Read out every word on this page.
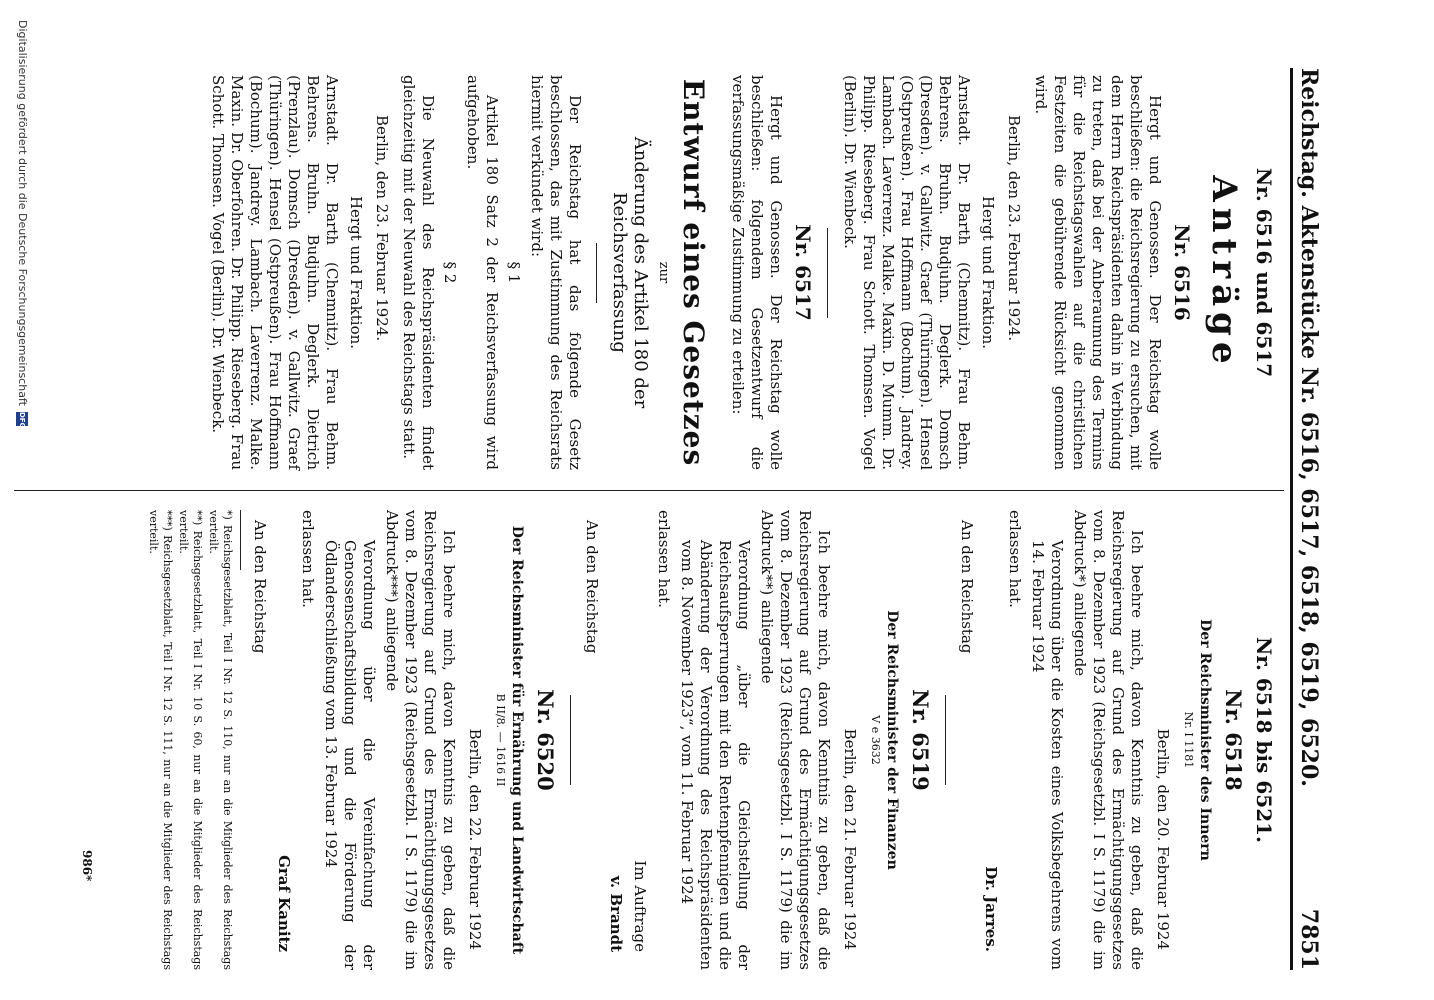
Reichstag. Aktenstücke Nr. 6516, 6517, 6518, 6519, 6520.
7851
Nr. 6516 und 6517
Anträge
Nr. 6516
Hergt und Genossen. Der Reichstag wolle beschließen: die Reichsregierung zu ersuchen, mit dem Herrn Reichspräsidenten dahin in Verbindung zu treten, daß bei der Anberaumung des Termins für die Reichstagswahlen auf die christlichen Festzeiten die gebührende Rücksicht genommen wird.
Berlin, den 23. Februar 1924.
Hergt und Fraktion.
Arnstadt. Dr. Barth (Chemnitz). Frau Behm. Behrens. Bruhn. Budjuhn. Deglerk. Domsch (Dresden). v. Gallwitz. Graef (Thüringen). Hensel (Ostpreußen). Frau Hoffmann (Bochum). Jandrey. Lambach. Laverrenz. Malke. Maxin. D. Mumm. Dr. Philipp. Rieseberg. Frau Schott. Thomsen. Vogel (Berlin). Dr. Wienbeck.
Nr. 6517
Hergt und Genossen. Der Reichstag wolle beschließen: folgendem Gesetzentwurf die verfassungsmäßige Zustimmung zu erteilen:
Entwurf eines Gesetzes
zur
Änderung des Artikel 180 der Reichsverfassung
Der Reichstag hat das folgende Gesetz beschlossen, das mit Zustimmung des Reichsrats hiermit verkündet wird:
§ 1
Artikel 180 Satz 2 der Reichsverfassung wird aufgehoben.
§ 2
Die Neuwahl des Reichspräsidenten findet gleichzeitig mit der Neuwahl des Reichstags statt.
Berlin, den 23. Februar 1924.
Hergt und Fraktion.
Arnstadt. Dr. Barth (Chemnitz). Frau Behm. Behrens. Bruhn. Budjuhn. Deglerk. Dietrich (Prenzlau). Domsch (Dresden). v. Gallwitz. Graef (Thüringen). Hensel (Ostpreußen). Frau Hoffmann (Bochum). Jandrey. Lambach. Laverrenz. Malke. Maxin. Dr. Oberfohren. Dr. Philipp. Rieseberg. Frau Schott. Thomsen. Vogel (Berlin). Dr. Wienbeck.
Nr. 6518 bis 6521.
Nr. 6518
Der Reichsminister des Innern
Nr. I 1181
Berlin, den 20. Februar 1924
Ich beehre mich, davon Kenntnis zu geben, daß die Reichsregierung auf Grund des Ermächtigungsgesetzes vom 8. Dezember 1923 (Reichsgesetzbl. I S. 1179) die im Abdruck*) anliegende
Verordnung über die Kosten eines Volksbegehrens vom 14. Februar 1924
erlassen hat.
Dr. Jarres.
An den Reichstag
Nr. 6519
Der Reichsminister der Finanzen
V e 3632
Berlin, den 21. Februar 1924
Ich beehre mich, davon Kenntnis zu geben, daß die Reichsregierung auf Grund des Ermächtigungsgesetzes vom 8. Dezember 1923 (Reichsgesetzbl. I S. 1179) die im Abdruck**) anliegende
Verordnung „über die Gleichstellung der Reichsaufsperrungen mit den Rentenpfennigen und die Abänderung der Verordnung des Reichspräsidenten vom 8. November 1923“, vom 11. Februar 1924
erlassen hat.
Im Auftrage
v. Brandt
An den Reichstag
Nr. 6520
Der Reichsminister für Ernährung und Landwirtschaft
B II/8. — 1616 II
Berlin, den 22. Februar 1924
Ich beehre mich, davon Kenntnis zu geben, daß die Reichsregierung auf Grund des Ermächtigungsgesetzes vom 8. Dezember 1923 (Reichsgesetzbl. I S. 1179) die im Abdruck***) anliegende
Verordnung über die Vereinfachung der Genossenschaftsbildung und die Förderung der Ödlanderschließung vom 13. Februar 1924
erlassen hat.
Graf Kanitz
An den Reichstag
*) Reichsgesetzblatt, Teil I Nr. 12 S. 110, nur an die Mitglieder des Reichstags verteilt.
**) Reichsgesetzblatt, Teil I Nr. 10 S. 60, nur an die Mitglieder des Reichstags verteilt.
***) Reichsgesetzblatt, Teil I Nr. 12 S. 111, nur an die Mitglieder des Reichstags verteilt.
986*
Digitalisierung gefördert durch die Deutsche Forschungsgemeinschaft
DFG
